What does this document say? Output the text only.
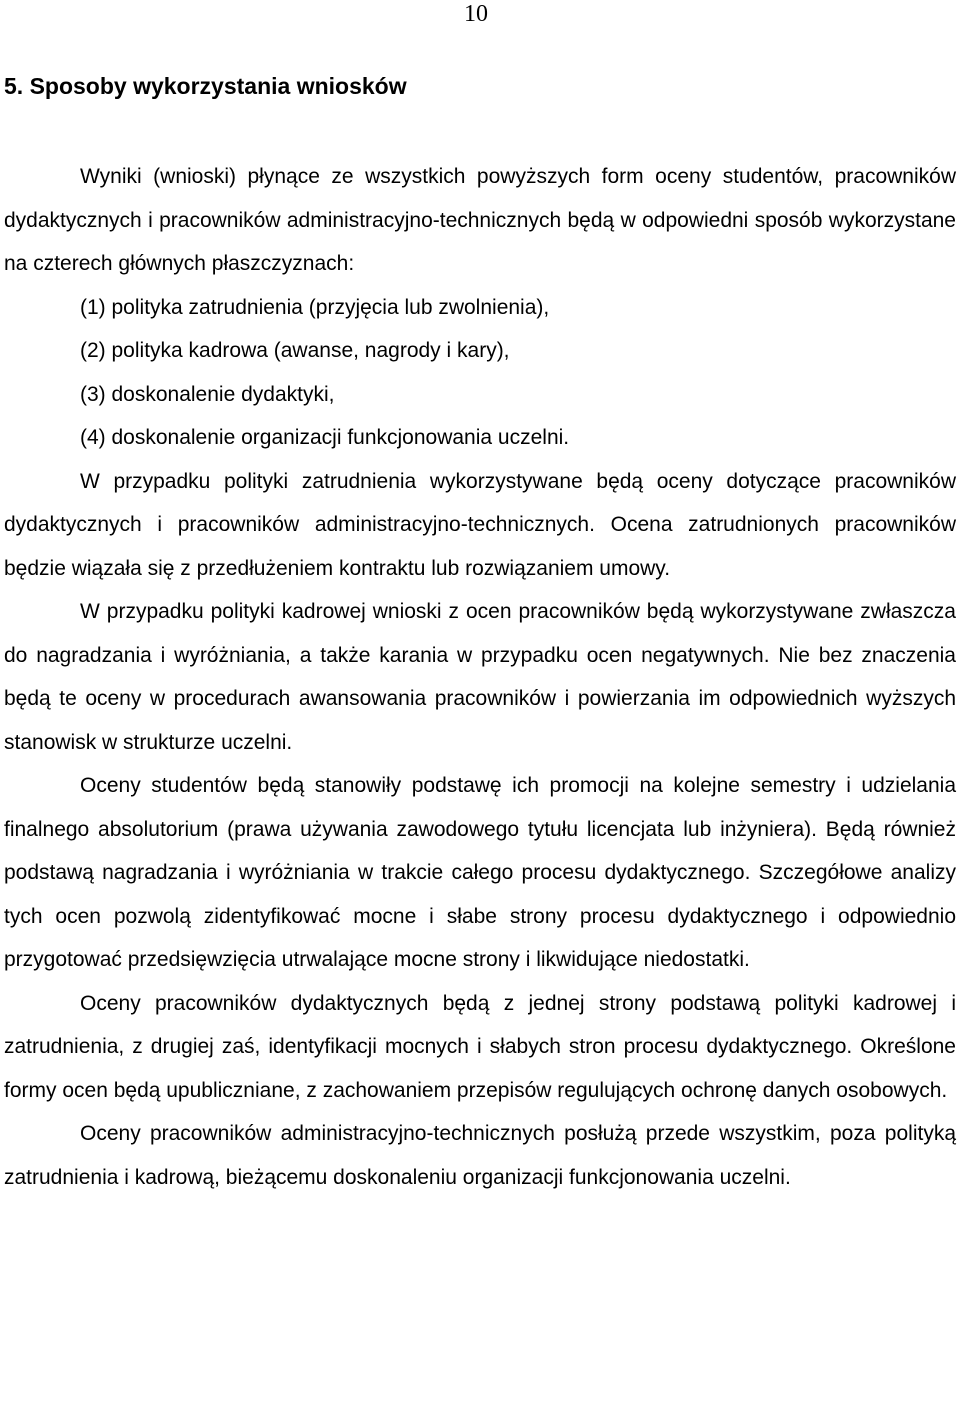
10
5. Sposoby wykorzystania wniosków

Wyniki (wnioski) płynące ze wszystkich powyższych form oceny studentów, pracowników dydaktycznych i pracowników administracyjno-technicznych będą w odpowiedni sposób wykorzystane na czterech głównych płaszczyznach:

(1) polityka zatrudnienia (przyjęcia lub zwolnienia),
(2) polityka kadrowa (awanse, nagrody i kary),
(3) doskonalenie dydaktyki,
(4) doskonalenie organizacji funkcjonowania uczelni.

W przypadku polityki zatrudnienia wykorzystywane będą oceny dotyczące pracowników dydaktycznych i pracowników administracyjno-technicznych. Ocena zatrudnionych pracowników będzie wiązała się z przedłużeniem kontraktu lub rozwiązaniem umowy.

W przypadku polityki kadrowej wnioski z ocen pracowników będą wykorzystywane zwłaszcza do nagradzania i wyróżniania, a także karania w przypadku ocen negatywnych. Nie bez znaczenia będą te oceny w procedurach awansowania pracowników i powierzania im odpowiednich wyższych stanowisk w strukturze uczelni.

Oceny studentów będą stanowiły podstawę ich promocji na kolejne semestry i udzielania finalnego absolutorium (prawa używania zawodowego tytułu licencjata lub inżyniera). Będą również podstawą nagradzania i wyróżniania w trakcie całego procesu dydaktycznego. Szczegółowe analizy tych ocen pozwolą zidentyfikować mocne i słabe strony procesu dydaktycznego i odpowiednio przygotować przedsięwzięcia utrwalające mocne strony i likwidujące niedostatki.

Oceny pracowników dydaktycznych będą z jednej strony podstawą polityki kadrowej i zatrudnienia, z drugiej zaś, identyfikacji mocnych i słabych stron procesu dydaktycznego. Określone formy ocen będą upubliczniane, z zachowaniem przepisów regulujących ochronę danych osobowych.

Oceny pracowników administracyjno-technicznych posłużą przede wszystkim, poza polityką zatrudnienia i kadrową, bieżącemu doskonaleniu organizacji funkcjonowania uczelni.
